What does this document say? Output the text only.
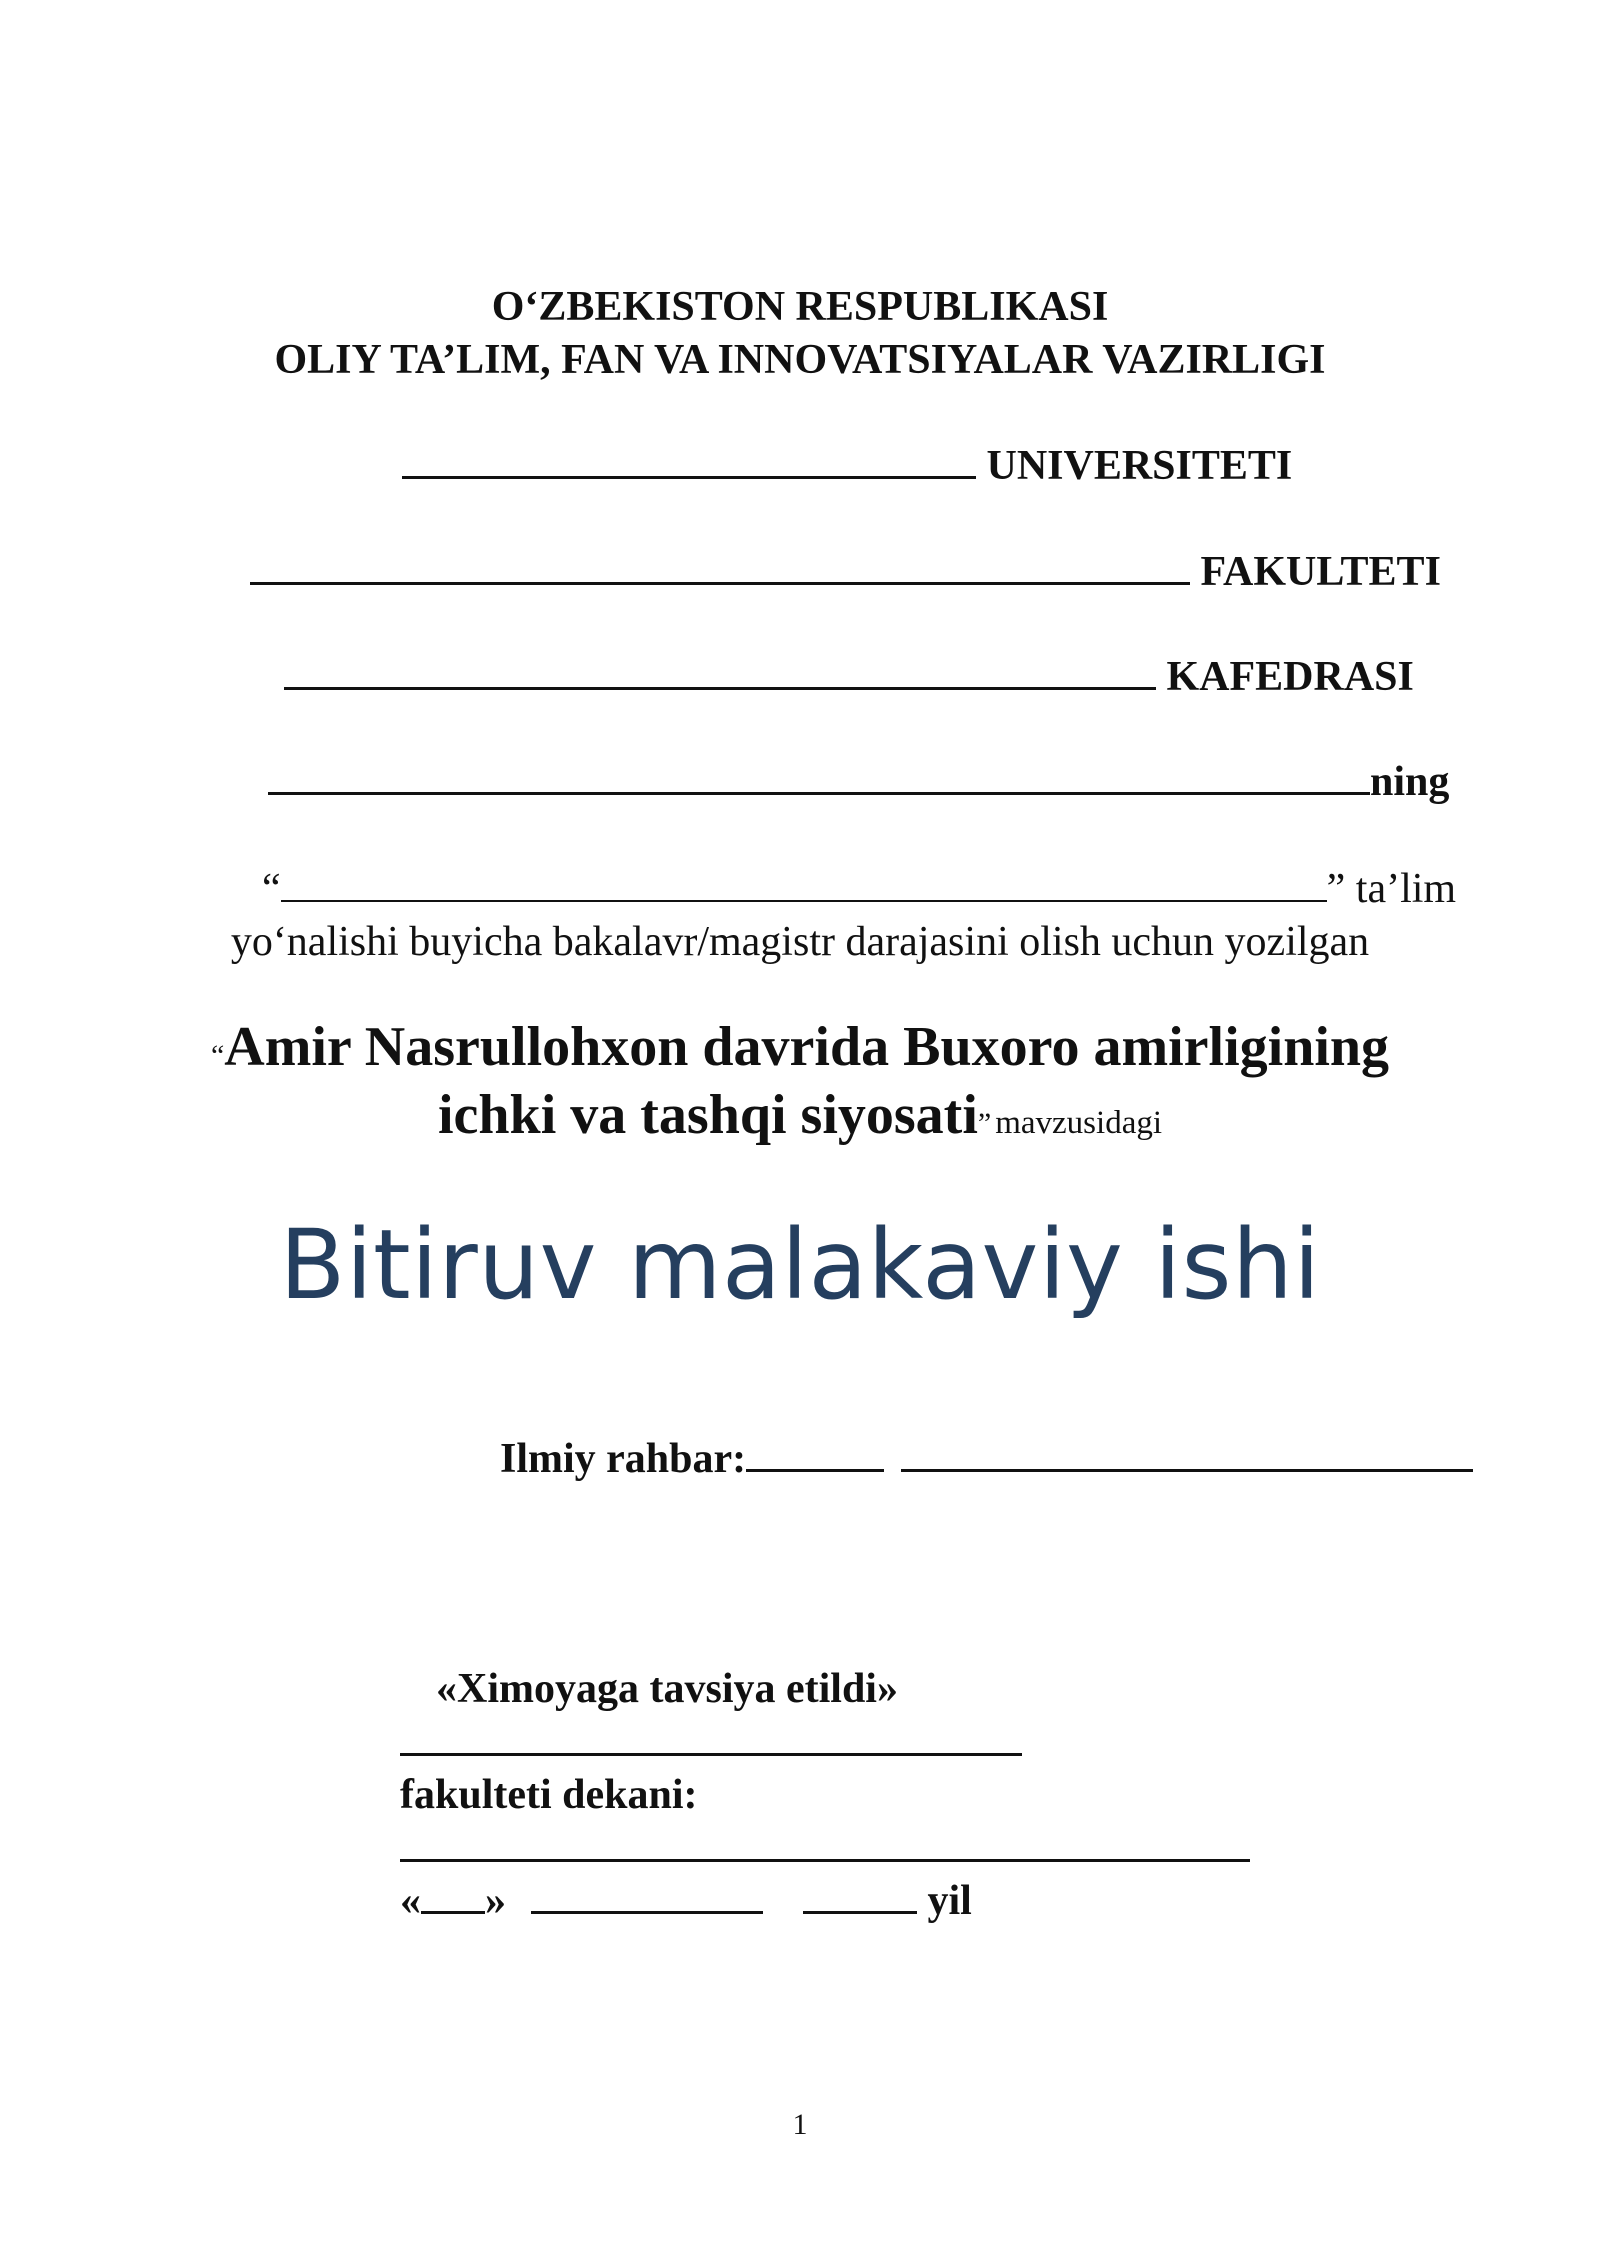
O‘ZBEKISTON RESPUBLIKASI
OLIY TA’LIM, FAN VA INNOVATSIYALAR VAZIRLIGI
UNIVERSITETI
FAKULTETI
KAFEDRASI
ning
“	” ta’lim
yo‘nalishi buyicha bakalavr/magistr darajasini olish uchun yozilgan
“Amir Nasrullohxon davrida Buxoro amirligining
ichki va tashqi siyosati” mavzusidagi
Bitiruv malakaviy ishi
Ilmiy rahbar:
«Ximoyaga tavsiya etildi»
fakulteti dekani:
« »	yil
1
